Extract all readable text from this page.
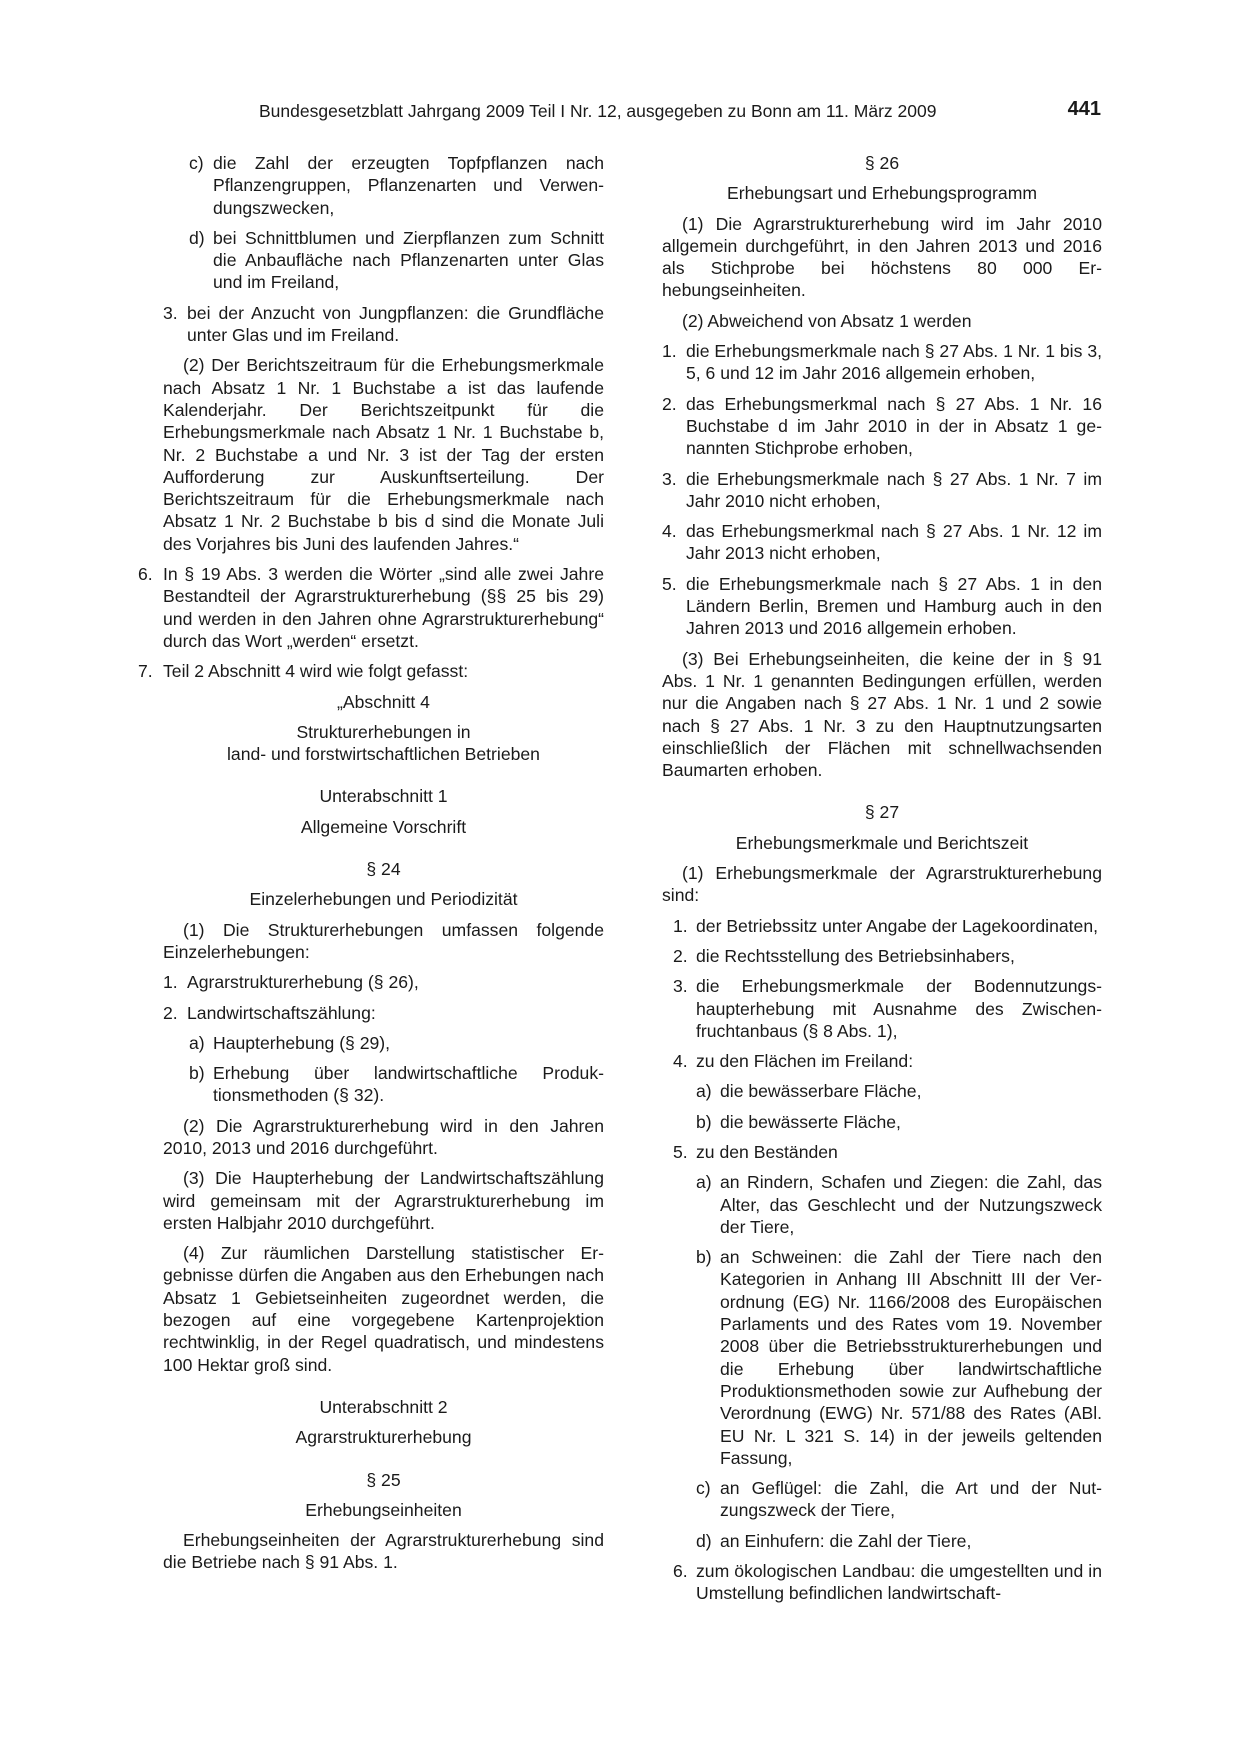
Bundesgesetzblatt Jahrgang 2009 Teil I Nr. 12, ausgegeben zu Bonn am 11. März 2009	441
c) die Zahl der erzeugten Topfpflanzen nach Pflanzengruppen, Pflanzenarten und Verwendungszwecken,
d) bei Schnittblumen und Zierpflanzen zum Schnitt die Anbaufläche nach Pflanzenarten unter Glas und im Freiland,
3. bei der Anzucht von Jungpflanzen: die Grundfläche unter Glas und im Freiland.

(2) Der Berichtszeitraum für die Erhebungsmerkmale nach Absatz 1 Nr. 1 Buchstabe a ist das laufende Kalenderjahr. Der Berichtszeitpunkt für die Erhebungsmerkmale nach Absatz 1 Nr. 1 Buchstabe b, Nr. 2 Buchstabe a und Nr. 3 ist der Tag der ersten Aufforderung zur Auskunftserteilung. Der Berichtszeitraum für die Erhebungsmerkmale nach Absatz 1 Nr. 2 Buchstabe b bis d sind die Monate Juli des Vorjahres bis Juni des laufenden Jahres.“

6. In § 19 Abs. 3 werden die Wörter „sind alle zwei Jahre Bestandteil der Agrarstrukturerhebung (§§ 25 bis 29) und werden in den Jahren ohne Agrarstrukturerhebung“ durch das Wort „werden“ ersetzt.
7. Teil 2 Abschnitt 4 wird wie folgt gefasst:
„Abschnitt 4
Strukturerhebungen in
land- und forstwirtschaftlichen Betrieben
Unterabschnitt 1
Allgemeine Vorschrift
§ 24
Einzelerhebungen und Periodizität

(1) Die Strukturerhebungen umfassen folgende Einzelerhebungen:

1. Agrarstrukturerhebung (§ 26),
2. Landwirtschaftszählung:
a) Haupterhebung (§ 29),
b) Erhebung über landwirtschaftliche Produktionsmethoden (§ 32).

(2) Die Agrarstrukturerhebung wird in den Jahren 2010, 2013 und 2016 durchgeführt.

(3) Die Haupterhebung der Landwirtschaftszählung wird gemeinsam mit der Agrarstrukturerhebung im ersten Halbjahr 2010 durchgeführt.

(4) Zur räumlichen Darstellung statistischer Ergebnisse dürfen die Angaben aus den Erhebungen nach Absatz 1 Gebietseinheiten zugeordnet werden, die bezogen auf eine vorgegebene Kartenprojektion rechtwinklig, in der Regel quadratisch, und mindestens 100 Hektar groß sind.

Unterabschnitt 2
Agrarstrukturerhebung
§ 25
Erhebungseinheiten

Erhebungseinheiten der Agrarstrukturerhebung sind die Betriebe nach § 91 Abs. 1.

§ 26
Erhebungsart und Erhebungsprogramm

(1) Die Agrarstrukturerhebung wird im Jahr 2010 allgemein durchgeführt, in den Jahren 2013 und 2016 als Stichprobe bei höchstens 80 000 Erhebungseinheiten.

(2) Abweichend von Absatz 1 werden

1. die Erhebungsmerkmale nach § 27 Abs. 1 Nr. 1 bis 3, 5, 6 und 12 im Jahr 2016 allgemein erhoben,
2. das Erhebungsmerkmal nach § 27 Abs. 1 Nr. 16 Buchstabe d im Jahr 2010 in der in Absatz 1 genannten Stichprobe erhoben,
3. die Erhebungsmerkmale nach § 27 Abs. 1 Nr. 7 im Jahr 2010 nicht erhoben,
4. das Erhebungsmerkmal nach § 27 Abs. 1 Nr. 12 im Jahr 2013 nicht erhoben,
5. die Erhebungsmerkmale nach § 27 Abs. 1 in den Ländern Berlin, Bremen und Hamburg auch in den Jahren 2013 und 2016 allgemein erhoben.

(3) Bei Erhebungseinheiten, die keine der in § 91 Abs. 1 Nr. 1 genannten Bedingungen erfüllen, werden nur die Angaben nach § 27 Abs. 1 Nr. 1 und 2 sowie nach § 27 Abs. 1 Nr. 3 zu den Hauptnutzungsarten einschließlich der Flächen mit schnellwachsenden Baumarten erhoben.

§ 27
Erhebungsmerkmale und Berichtszeit

(1) Erhebungsmerkmale der Agrarstrukturerhebung sind:

1. der Betriebssitz unter Angabe der Lagekoordinaten,
2. die Rechtsstellung des Betriebsinhabers,
3. die Erhebungsmerkmale der Bodennutzungshaupterhebung mit Ausnahme des Zwischenfruchtanbaus (§ 8 Abs. 1),
4. zu den Flächen im Freiland:
a) die bewässerbare Fläche,
b) die bewässerte Fläche,
5. zu den Beständen
a) an Rindern, Schafen und Ziegen: die Zahl, das Alter, das Geschlecht und der Nutzungszweck der Tiere,
b) an Schweinen: die Zahl der Tiere nach den Kategorien in Anhang III Abschnitt III der Verordnung (EG) Nr. 1166/2008 des Europäischen Parlaments und des Rates vom 19. November 2008 über die Betriebsstrukturerhebungen und die Erhebung über landwirtschaftliche Produktionsmethoden sowie zur Aufhebung der Verordnung (EWG) Nr. 571/88 des Rates (ABl. EU Nr. L 321 S. 14) in der jeweils geltenden Fassung,
c) an Geflügel: die Zahl, die Art und der Nutzungszweck der Tiere,
d) an Einhufern: die Zahl der Tiere,
6. zum ökologischen Landbau: die umgestellten und in Umstellung befindlichen landwirtschaft-
